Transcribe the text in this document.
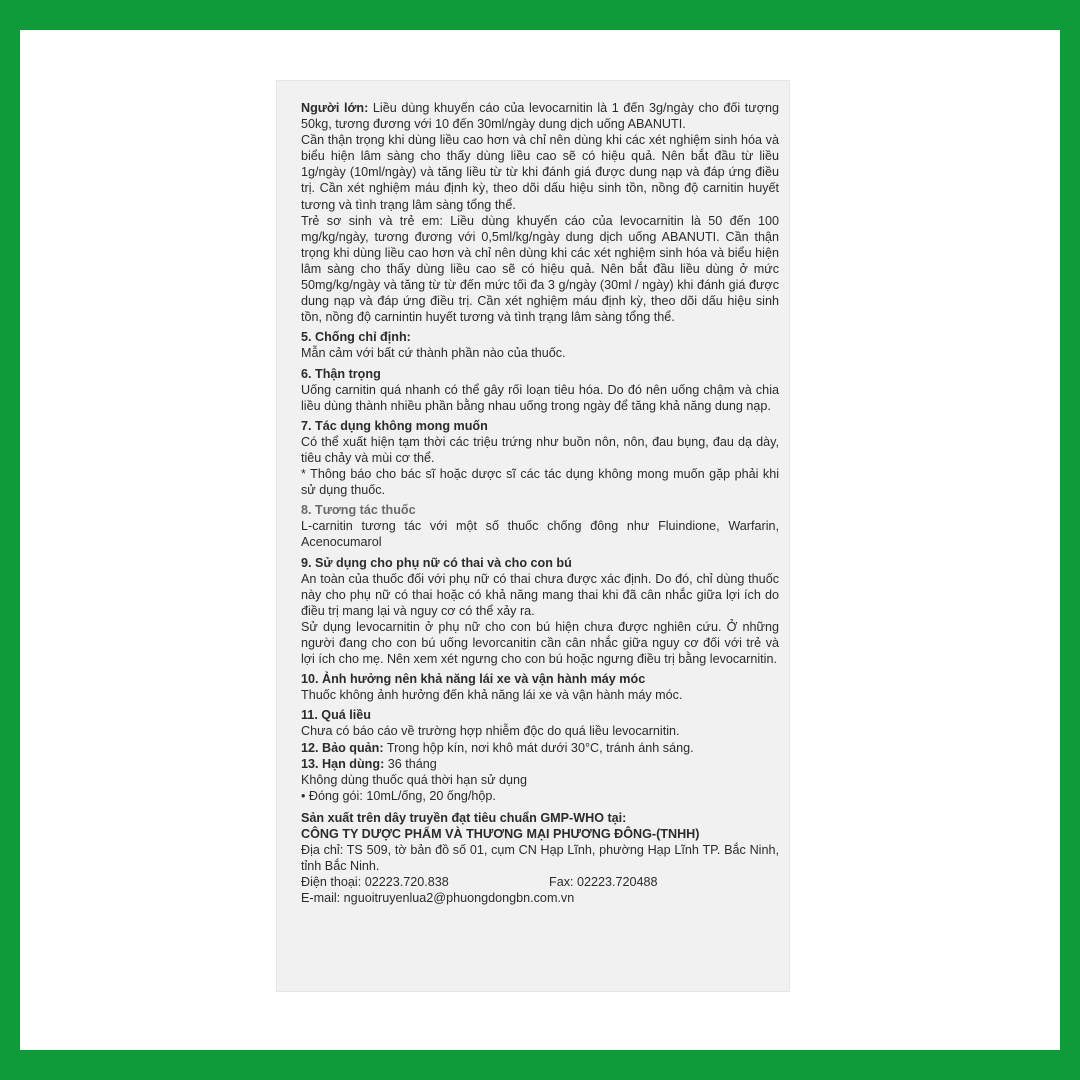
Người lớn: Liều dùng khuyến cáo của levocarnitin là 1 đến 3g/ngày cho đối tượng 50kg, tương đương với 10 đến 30ml/ngày dung dịch uống ABANUTI.

Cần thận trọng khi dùng liều cao hơn và chỉ nên dùng khi các xét nghiệm sinh hóa và biểu hiện lâm sàng cho thấy dùng liều cao sẽ có hiệu quả. Nên bắt đầu từ liều 1g/ngày (10ml/ngày) và tăng liều từ từ khi đánh giá được dung nạp và đáp ứng điều trị. Cần xét nghiệm máu định kỳ, theo dõi dấu hiệu sinh tồn, nồng độ carnitin huyết tương và tình trạng lâm sàng tổng thể.

Trẻ sơ sinh và trẻ em: Liều dùng khuyến cáo của levocarnitin là 50 đến 100 mg/kg/ngày, tương đương với 0,5ml/kg/ngày dung dịch uống ABANUTI. Cần thận trọng khi dùng liều cao hơn và chỉ nên dùng khi các xét nghiệm sinh hóa và biểu hiện lâm sàng cho thấy dùng liều cao sẽ có hiệu quả. Nên bắt đầu liều dùng ở mức 50mg/kg/ngày và tăng từ từ đến mức tối đa 3 g/ngày (30ml / ngày) khi đánh giá được dung nạp và đáp ứng điều trị. Cần xét nghiệm máu định kỳ, theo dõi dấu hiệu sinh tồn, nồng độ carnintin huyết tương và tình trạng lâm sàng tổng thể.

5. Chống chỉ định:

Mẫn cảm với bất cứ thành phần nào của thuốc.

6. Thận trọng

Uống carnitin quá nhanh có thể gây rối loạn tiêu hóa. Do đó nên uống chậm và chia liều dùng thành nhiều phần bằng nhau uống trong ngày để tăng khả năng dung nạp.

7. Tác dụng không mong muốn

Có thể xuất hiện tạm thời các triệu trứng như buồn nôn, nôn, đau bụng, đau dạ dày, tiêu chảy và mùi cơ thể.

* Thông báo cho bác sĩ hoặc dược sĩ các tác dụng không mong muốn gặp phải khi sử dụng thuốc.

8. Tương tác thuốc

L-carnitin tương tác với một số thuốc chống đông như Fluindione, Warfarin, Acenocumarol

9. Sử dụng cho phụ nữ có thai và cho con bú

An toàn của thuốc đối với phụ nữ có thai chưa được xác định. Do đó, chỉ dùng thuốc này cho phụ nữ có thai hoặc có khả năng mang thai khi đã cân nhắc giữa lợi ích do điều trị mang lại và nguy cơ có thể xảy ra.

Sử dụng levocarnitin ở phụ nữ cho con bú hiện chưa được nghiên cứu. Ở những người đang cho con bú uống levorcanitin cần cân nhắc giữa nguy cơ đối với trẻ và lợi ích cho mẹ. Nên xem xét ngưng cho con bú hoặc ngưng điều trị bằng levocarnitin.

10. Ảnh hưởng nên khả năng lái xe và vận hành máy móc

Thuốc không ảnh hưởng đến khả năng lái xe và vận hành máy móc.

11. Quá liều

Chưa có báo cáo về trường hợp nhiễm độc do quá liều levocarnitin.

12. Bảo quản: Trong hộp kín, nơi khô mát dưới 30°C, tránh ánh sáng.

13. Hạn dùng: 36 tháng

Không dùng thuốc quá thời hạn sử dụng

• Đóng gói: 10mL/ống, 20 ống/hộp.

Sản xuất trên dây truyền đạt tiêu chuẩn GMP-WHO tại:

CÔNG TY DƯỢC PHẨM VÀ THƯƠNG MẠI PHƯƠNG ĐÔNG-(TNHH)

Địa chỉ: TS 509, tờ bản đồ số 01, cụm CN Hạp Lĩnh, phường Hạp Lĩnh TP. Bắc Ninh, tỉnh Bắc Ninh.

Điện thoại: 02223.720.838	Fax: 02223.720488

E-mail: nguoitruyenlua2@phuongdongbn.com.vn
